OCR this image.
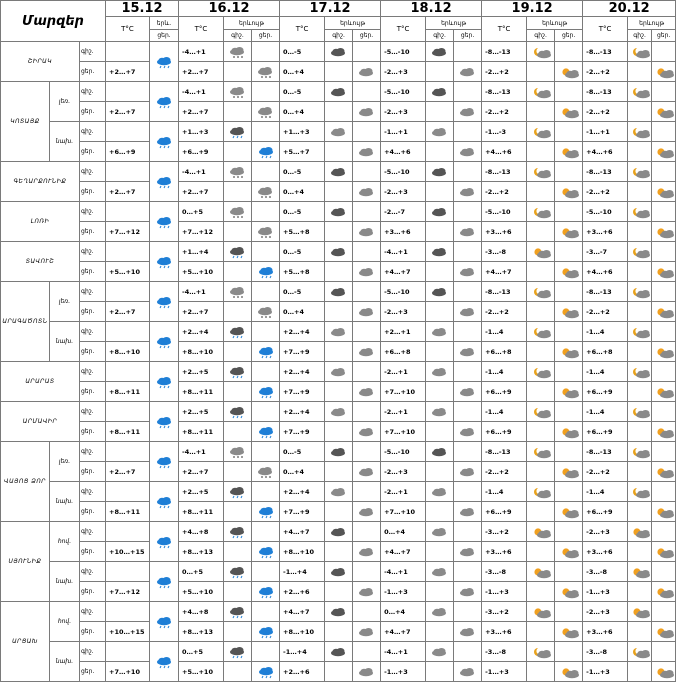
Մարզեր			15.12		16.12			17.12			18.12			19.12			20.12		
			T°C	երև.	T°C	երևույթ		T°C	երևույթ		T°C	երևույթ		T°C	երևույթ		T°C	երևույթ	
				ցեր.		գիշ.	ցեր.		գիշ.	ցեր.		գիշ.	ցեր.		գիշ.	ցեր.		գիշ.	ցեր.
ՇԻՐԱԿ		գիշ.			-4…+1			0…-5			-5…-10			-8…-13			-8…-13	

		ցեր.	+2…+7		+2…+7			0…+4			-2…+3			-2…+2			-2…+2		

ԿՈՏԱՅՔ	լեռ.	գիշ.			-4…+1			0…-5			-5…-10			-8…-13			-8…-13	

		ցեր.	+2…+7		+2…+7			0…+4			-2…+3			-2…+2			-2…+2		

	նախ.	գիշ.			+1…+3			+1…+3			-1…+1			-1…-3			-1…+1	

		ցեր.	+6…+9		+6…+9			+5…+7			+4…+6			+4…+6			+4…+6		

ԳԵՂԱՐՔՈՒՆԻՔ		գիշ.			-4…+1			0…-5			-5…-10			-8…-13			-8…-13	

		ցեր.	+2…+7		+2…+7			0…+4			-2…+3			-2…+2			-2…+2		

ԼՈՌԻ		գիշ.			0…+5			0…-5			-2…-7			-5…-10			-5…-10	

		ցեր.	+7…+12		+7…+12			+5…+8			+3…+6			+3…+6			+3…+6		

ՏԱՎՈՒՇ		գիշ.			+1…+4			0…-5			-4…+1			-3…-8			-3…-7	

		ցեր.	+5…+10		+5…+10			+5…+8			+4…+7			+4…+7			+4…+6		

ԱՐԱԳԱԾՈՏՆ	լեռ.	գիշ.			-4…+1			0…-5			-5…-10			-8…-13			-8…-13	

		ցեր.	+2…+7		+2…+7			0…+4			-2…+3			-2…+2			-2…+2		

	նախ.	գիշ.			+2…+4			+2…+4			+2…+1			-1…4			-1…4	

		ցեր.	+8…+10		+8…+10			+7…+9			+6…+8			+6…+8			+6…+8		

ԱՐԱՐԱՏ		գիշ.			+2…+5			+2…+4			-2…+1			-1…4			-1…4	

		ցեր.	+8…+11		+8…+11			+7…+9			+7…+10			+6…+9			+6…+9		

ԱՐՄԱՎԻՐ		գիշ.			+2…+5			+2…+4			-2…+1			-1…4			-1…4	

		ցեր.	+8…+11		+8…+11			+7…+9			+7…+10			+6…+9			+6…+9		

ՎԱՅՈՑ ՁՈՐ	լեռ.	գիշ.			-4…+1			0…-5			-5…-10			-8…-13			-8…-13	

		ցեր.	+2…+7		+2…+7			0…+4			-2…+3			-2…+2			-2…+2		

	նախ.	գիշ.			+2…+5			+2…+4			-2…+1			-1…4			-1…4	

		ցեր.	+8…+11		+8…+11			+7…+9			+7…+10			+6…+9			+6…+9		

ՍՅՈՒՆԻՔ	հով.	գիշ.			+4…+8			+4…+7			0…+4			-3…+2			-2…+3	

		ցեր.	+10…+15		+8…+13			+8…+10			+4…+7			+3…+6			+3…+6		

	նախ.	գիշ.			0…+5			-1…+4			-4…+1			-3…-8			-3…-8	

		ցեր.	+7…+12		+5…+10			+2…+6			-1…+3			-1…+3			-1…+3		

ԱՐՑԱԽ	հով.	գիշ.			+4…+8			+4…+7			0…+4			-3…+2			-2…+3	

		ցեր.	+10…+15		+8…+13			+8…+10			+4…+7			+3…+6			+3…+6		

	նախ.	գիշ.			0…+5			-1…+4			-4…+1			-3…-8			-3…-8	

		ցեր.	+7…+10		+5…+10			+2…+6			-1…+3			-1…+3			-1…+3		
